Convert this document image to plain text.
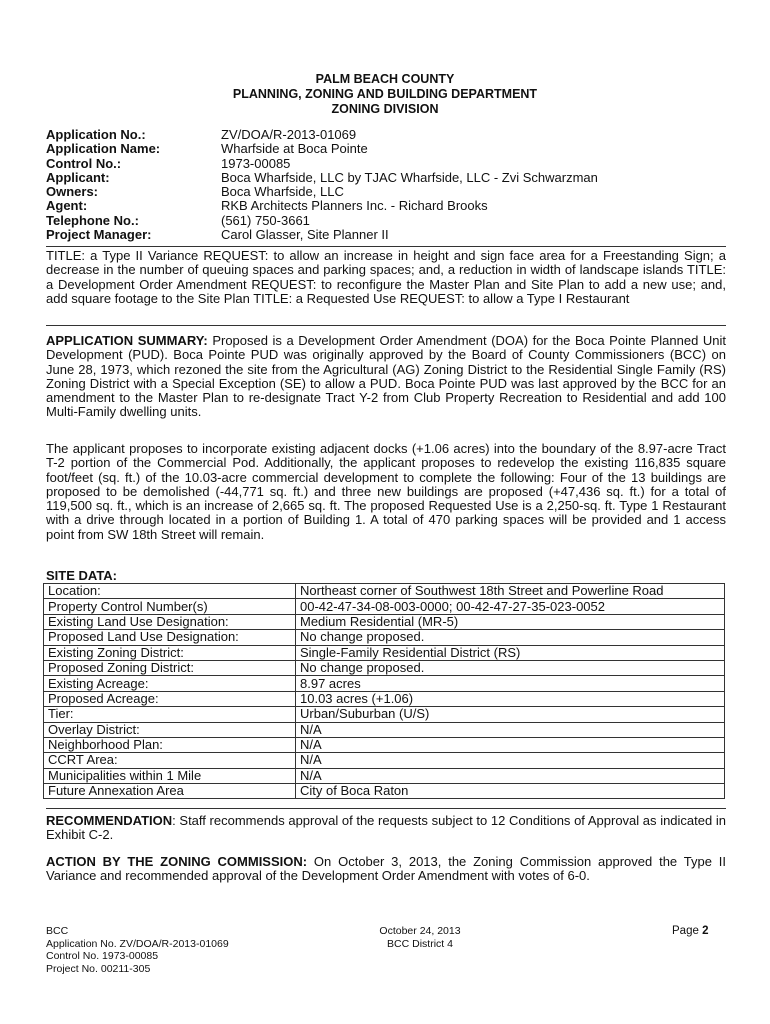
PALM BEACH COUNTY
PLANNING, ZONING AND BUILDING DEPARTMENT
ZONING DIVISION
Application No.:	ZV/DOA/R-2013-01069
Application Name:	Wharfside at Boca Pointe
Control No.:	1973-00085
Applicant:	Boca Wharfside, LLC by TJAC Wharfside, LLC - Zvi Schwarzman
Owners:	Boca Wharfside, LLC
Agent:	RKB Architects Planners Inc. - Richard Brooks
Telephone No.:	(561) 750-3661
Project Manager:	Carol Glasser, Site Planner II
TITLE: a Type II Variance REQUEST: to allow an increase in height and sign face area for a Freestanding Sign; a decrease in the number of queuing spaces and parking spaces; and, a reduction in width of landscape islands TITLE: a Development Order Amendment REQUEST: to reconfigure the Master Plan and Site Plan to add a new use; and, add square footage to the Site Plan TITLE: a Requested Use REQUEST: to allow a Type I Restaurant
APPLICATION SUMMARY: Proposed is a Development Order Amendment (DOA) for the Boca Pointe Planned Unit Development (PUD). Boca Pointe PUD was originally approved by the Board of County Commissioners (BCC) on June 28, 1973, which rezoned the site from the Agricultural (AG) Zoning District to the Residential Single Family (RS) Zoning District with a Special Exception (SE) to allow a PUD. Boca Pointe PUD was last approved by the BCC for an amendment to the Master Plan to re-designate Tract Y-2 from Club Property Recreation to Residential and add 100 Multi-Family dwelling units.
The applicant proposes to incorporate existing adjacent docks (+1.06 acres) into the boundary of the 8.97-acre Tract T-2 portion of the Commercial Pod. Additionally, the applicant proposes to redevelop the existing 116,835 square foot/feet (sq. ft.) of the 10.03-acre commercial development to complete the following: Four of the 13 buildings are proposed to be demolished (-44,771 sq. ft.) and three new buildings are proposed (+47,436 sq. ft.) for a total of 119,500 sq. ft., which is an increase of 2,665 sq. ft. The proposed Requested Use is a 2,250-sq. ft. Type 1 Restaurant with a drive through located in a portion of Building 1. A total of 470 parking spaces will be provided and 1 access point from SW 18th Street will remain.
SITE DATA:
Location:	Northeast corner of Southwest 18th Street and Powerline Road
Property Control Number(s)	00-42-47-34-08-003-0000; 00-42-47-27-35-023-0052
Existing Land Use Designation:	Medium Residential (MR-5)
Proposed Land Use Designation:	No change proposed.
Existing Zoning District:	Single-Family Residential District (RS)
Proposed Zoning District:	No change proposed.
Existing Acreage:	8.97 acres
Proposed Acreage:	10.03 acres (+1.06)
Tier:	Urban/Suburban (U/S)
Overlay District:	N/A
Neighborhood Plan:	N/A
CCRT Area:	N/A
Municipalities within 1 Mile	N/A
Future Annexation Area	City of Boca Raton
RECOMMENDATION: Staff recommends approval of the requests subject to 12 Conditions of Approval as indicated in Exhibit C-2.
ACTION BY THE ZONING COMMISSION: On October 3, 2013, the Zoning Commission approved the Type II Variance and recommended approval of the Development Order Amendment with votes of 6-0.
BCC
Application No. ZV/DOA/R-2013-01069
Control No. 1973-00085
Project No. 00211-305
October 24, 2013
BCC District 4
Page 2
